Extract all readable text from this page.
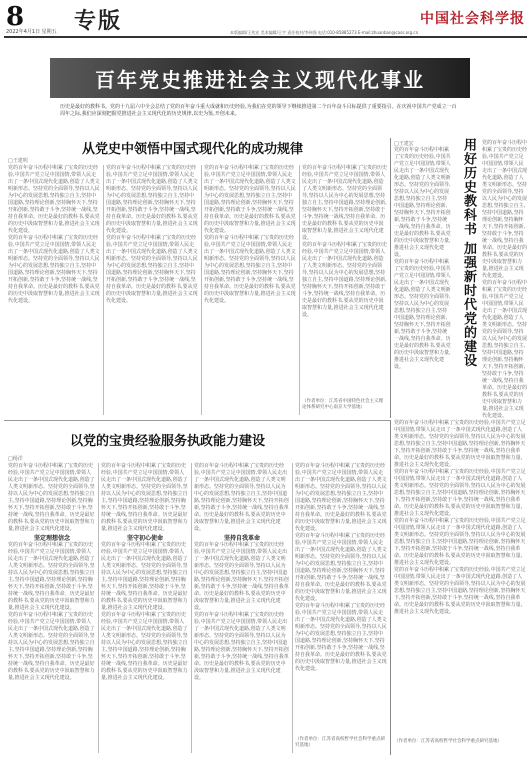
8 专版
2022年4月1日 星期五
中国社会科学报
本版编辑/王兆宏 美术编辑/王宇 责任校对/李伟强 电话:010-85885273 E-mail:zhuanban@cass.org.cn
百年党史推进社会主义现代化事业
历史是最好的教科书。党的十九届六中全会总结了党的百年奋斗重大成就和历史经验,为我们在党的领导下继续推进第二个百年奋斗目标提供了重要指引。在庆祝中国共产党成立一百周年之际,我们应深刻把握党推进社会主义现代化的历史规律,以史为鉴,开创未来。
从党史中领悟中国式现代化的成功规律
□王建明
党的百年奋斗历程中积累了宝贵的历史经验,中国共产党立足中国国情,带领人民走出了一条中国式现代化道路,创造了人类文明新形态。坚持党的全面领导,坚持以人民为中心的发展思想,坚持独立自主,坚持中国道路,坚持理论创新,坚持胸怀天下,坚持开拓创新,坚持敢于斗争,坚持统一战线,坚持自我革命。历史是最好的教科书,要从党的历史中汲取智慧和力量,推进社会主义现代化建设。
党的百年奋斗历程中积累了宝贵的历史经验,中国共产党立足中国国情,带领人民走出了一条中国式现代化道路,创造了人类文明新形态。坚持党的全面领导,坚持以人民为中心的发展思想,坚持独立自主,坚持中国道路,坚持理论创新,坚持胸怀天下,坚持开拓创新,坚持敢于斗争,坚持统一战线,坚持自我革命。历史是最好的教科书,要从党的历史中汲取智慧和力量,推进社会主义现代化建设。
党的百年奋斗历程中积累了宝贵的历史经验,中国共产党立足中国国情,带领人民走出了一条中国式现代化道路,创造了人类文明新形态。坚持党的全面领导,坚持以人民为中心的发展思想,坚持独立自主,坚持中国道路,坚持理论创新,坚持胸怀天下,坚持开拓创新,坚持敢于斗争,坚持统一战线,坚持自我革命。历史是最好的教科书,要从党的历史中汲取智慧和力量,推进社会主义现代化建设。
党的百年奋斗历程中积累了宝贵的历史经验,中国共产党立足中国国情,带领人民走出了一条中国式现代化道路,创造了人类文明新形态。坚持党的全面领导,坚持以人民为中心的发展思想,坚持独立自主,坚持中国道路,坚持理论创新,坚持胸怀天下,坚持开拓创新,坚持敢于斗争,坚持统一战线,坚持自我革命。历史是最好的教科书,要从党的历史中汲取智慧和力量,推进社会主义现代化建设。
党的百年奋斗历程中积累了宝贵的历史经验,中国共产党立足中国国情,带领人民走出了一条中国式现代化道路,创造了人类文明新形态。坚持党的全面领导,坚持以人民为中心的发展思想,坚持独立自主,坚持中国道路,坚持理论创新,坚持胸怀天下,坚持开拓创新,坚持敢于斗争,坚持统一战线,坚持自我革命。历史是最好的教科书,要从党的历史中汲取智慧和力量,推进社会主义现代化建设。
党的百年奋斗历程中积累了宝贵的历史经验,中国共产党立足中国国情,带领人民走出了一条中国式现代化道路,创造了人类文明新形态。坚持党的全面领导,坚持以人民为中心的发展思想,坚持独立自主,坚持中国道路,坚持理论创新,坚持胸怀天下,坚持开拓创新,坚持敢于斗争,坚持统一战线,坚持自我革命。历史是最好的教科书,要从党的历史中汲取智慧和力量,推进社会主义现代化建设。
党的百年奋斗历程中积累了宝贵的历史经验,中国共产党立足中国国情,带领人民走出了一条中国式现代化道路,创造了人类文明新形态。坚持党的全面领导,坚持以人民为中心的发展思想,坚持独立自主,坚持中国道路,坚持理论创新,坚持胸怀天下,坚持开拓创新,坚持敢于斗争,坚持统一战线,坚持自我革命。历史是最好的教科书,要从党的历史中汲取智慧和力量,推进社会主义现代化建设。
党的百年奋斗历程中积累了宝贵的历史经验,中国共产党立足中国国情,带领人民走出了一条中国式现代化道路,创造了人类文明新形态。坚持党的全面领导,坚持以人民为中心的发展思想,坚持独立自主,坚持中国道路,坚持理论创新,坚持胸怀天下,坚持开拓创新,坚持敢于斗争,坚持统一战线,坚持自我革命。历史是最好的教科书,要从党的历史中汲取智慧和力量,推进社会主义现代化建设。
（作者单位：江苏省中国特色社会主义理论体系研究中心南京大学基地）
□王建宏
党的百年奋斗历程中积累了宝贵的历史经验,中国共产党立足中国国情,带领人民走出了一条中国式现代化道路,创造了人类文明新形态。坚持党的全面领导,坚持以人民为中心的发展思想,坚持独立自主,坚持中国道路,坚持理论创新,坚持胸怀天下,坚持开拓创新,坚持敢于斗争,坚持统一战线,坚持自我革命。历史是最好的教科书,要从党的历史中汲取智慧和力量,推进社会主义现代化建设。
党的百年奋斗历程中积累了宝贵的历史经验,中国共产党立足中国国情,带领人民走出了一条中国式现代化道路,创造了人类文明新形态。坚持党的全面领导,坚持以人民为中心的发展思想,坚持独立自主,坚持中国道路,坚持理论创新,坚持胸怀天下,坚持开拓创新,坚持敢于斗争,坚持统一战线,坚持自我革命。历史是最好的教科书,要从党的历史中汲取智慧和力量,推进社会主义现代化建设。	用好历史教科书 加强新时代党的建设	党的百年奋斗历程中积累了宝贵的历史经验,中国共产党立足中国国情,带领人民走出了一条中国式现代化道路,创造了人类文明新形态。坚持党的全面领导,坚持以人民为中心的发展思想,坚持独立自主,坚持中国道路,坚持理论创新,坚持胸怀天下,坚持开拓创新,坚持敢于斗争,坚持统一战线,坚持自我革命。历史是最好的教科书,要从党的历史中汲取智慧和力量,推进社会主义现代化建设。
党的百年奋斗历程中积累了宝贵的历史经验,中国共产党立足中国国情,带领人民走出了一条中国式现代化道路,创造了人类文明新形态。坚持党的全面领导,坚持以人民为中心的发展思想,坚持独立自主,坚持中国道路,坚持理论创新,坚持胸怀天下,坚持开拓创新,坚持敢于斗争,坚持统一战线,坚持自我革命。历史是最好的教科书,要从党的历史中汲取智慧和力量,推进社会主义现代化建设。
党的百年奋斗历程中积累了宝贵的历史经验,中国共产党立足中国国情,带领人民走出了一条中国式现代化道路,创造了人类文明新形态。坚持党的全面领导,坚持以人民为中心的发展思想,坚持独立自主,坚持中国道路,坚持理论创新,坚持胸怀天下,坚持开拓创新,坚持敢于斗争,坚持统一战线,坚持自我革命。历史是最好的教科书,要从党的历史中汲取智慧和力量,推进社会主义现代化建设。
党的百年奋斗历程中积累了宝贵的历史经验,中国共产党立足中国国情,带领人民走出了一条中国式现代化道路,创造了人类文明新形态。坚持党的全面领导,坚持以人民为中心的发展思想,坚持独立自主,坚持中国道路,坚持理论创新,坚持胸怀天下,坚持开拓创新,坚持敢于斗争,坚持统一战线,坚持自我革命。历史是最好的教科书,要从党的历史中汲取智慧和力量,推进社会主义现代化建设。
党的百年奋斗历程中积累了宝贵的历史经验,中国共产党立足中国国情,带领人民走出了一条中国式现代化道路,创造了人类文明新形态。坚持党的全面领导,坚持以人民为中心的发展思想,坚持独立自主,坚持中国道路,坚持理论创新,坚持胸怀天下,坚持开拓创新,坚持敢于斗争,坚持统一战线,坚持自我革命。历史是最好的教科书,要从党的历史中汲取智慧和力量,推进社会主义现代化建设。
党的百年奋斗历程中积累了宝贵的历史经验,中国共产党立足中国国情,带领人民走出了一条中国式现代化道路,创造了人类文明新形态。坚持党的全面领导,坚持以人民为中心的发展思想,坚持独立自主,坚持中国道路,坚持理论创新,坚持胸怀天下,坚持开拓创新,坚持敢于斗争,坚持统一战线,坚持自我革命。历史是最好的教科书,要从党的历史中汲取智慧和力量,推进社会主义现代化建设。
（作者单位：江苏省高校哲学社会科学重点研究基地）
以党的宝贵经验服务执政能力建设
□杨洋
党的百年奋斗历程中积累了宝贵的历史经验,中国共产党立足中国国情,带领人民走出了一条中国式现代化道路,创造了人类文明新形态。坚持党的全面领导,坚持以人民为中心的发展思想,坚持独立自主,坚持中国道路,坚持理论创新,坚持胸怀天下,坚持开拓创新,坚持敢于斗争,坚持统一战线,坚持自我革命。历史是最好的教科书,要从党的历史中汲取智慧和力量,推进社会主义现代化建设。
坚定理想信念
党的百年奋斗历程中积累了宝贵的历史经验,中国共产党立足中国国情,带领人民走出了一条中国式现代化道路,创造了人类文明新形态。坚持党的全面领导,坚持以人民为中心的发展思想,坚持独立自主,坚持中国道路,坚持理论创新,坚持胸怀天下,坚持开拓创新,坚持敢于斗争,坚持统一战线,坚持自我革命。历史是最好的教科书,要从党的历史中汲取智慧和力量,推进社会主义现代化建设。
党的百年奋斗历程中积累了宝贵的历史经验,中国共产党立足中国国情,带领人民走出了一条中国式现代化道路,创造了人类文明新形态。坚持党的全面领导,坚持以人民为中心的发展思想,坚持独立自主,坚持中国道路,坚持理论创新,坚持胸怀天下,坚持开拓创新,坚持敢于斗争,坚持统一战线,坚持自我革命。历史是最好的教科书,要从党的历史中汲取智慧和力量,推进社会主义现代化建设。
党的百年奋斗历程中积累了宝贵的历史经验,中国共产党立足中国国情,带领人民走出了一条中国式现代化道路,创造了人类文明新形态。坚持党的全面领导,坚持以人民为中心的发展思想,坚持独立自主,坚持中国道路,坚持理论创新,坚持胸怀天下,坚持开拓创新,坚持敢于斗争,坚持统一战线,坚持自我革命。历史是最好的教科书,要从党的历史中汲取智慧和力量,推进社会主义现代化建设。
坚守初心使命
党的百年奋斗历程中积累了宝贵的历史经验,中国共产党立足中国国情,带领人民走出了一条中国式现代化道路,创造了人类文明新形态。坚持党的全面领导,坚持以人民为中心的发展思想,坚持独立自主,坚持中国道路,坚持理论创新,坚持胸怀天下,坚持开拓创新,坚持敢于斗争,坚持统一战线,坚持自我革命。历史是最好的教科书,要从党的历史中汲取智慧和力量,推进社会主义现代化建设。
党的百年奋斗历程中积累了宝贵的历史经验,中国共产党立足中国国情,带领人民走出了一条中国式现代化道路,创造了人类文明新形态。坚持党的全面领导,坚持以人民为中心的发展思想,坚持独立自主,坚持中国道路,坚持理论创新,坚持胸怀天下,坚持开拓创新,坚持敢于斗争,坚持统一战线,坚持自我革命。历史是最好的教科书,要从党的历史中汲取智慧和力量,推进社会主义现代化建设。
党的百年奋斗历程中积累了宝贵的历史经验,中国共产党立足中国国情,带领人民走出了一条中国式现代化道路,创造了人类文明新形态。坚持党的全面领导,坚持以人民为中心的发展思想,坚持独立自主,坚持中国道路,坚持理论创新,坚持胸怀天下,坚持开拓创新,坚持敢于斗争,坚持统一战线,坚持自我革命。历史是最好的教科书,要从党的历史中汲取智慧和力量,推进社会主义现代化建设。
坚持自我革命
党的百年奋斗历程中积累了宝贵的历史经验,中国共产党立足中国国情,带领人民走出了一条中国式现代化道路,创造了人类文明新形态。坚持党的全面领导,坚持以人民为中心的发展思想,坚持独立自主,坚持中国道路,坚持理论创新,坚持胸怀天下,坚持开拓创新,坚持敢于斗争,坚持统一战线,坚持自我革命。历史是最好的教科书,要从党的历史中汲取智慧和力量,推进社会主义现代化建设。
党的百年奋斗历程中积累了宝贵的历史经验,中国共产党立足中国国情,带领人民走出了一条中国式现代化道路,创造了人类文明新形态。坚持党的全面领导,坚持以人民为中心的发展思想,坚持独立自主,坚持中国道路,坚持理论创新,坚持胸怀天下,坚持开拓创新,坚持敢于斗争,坚持统一战线,坚持自我革命。历史是最好的教科书,要从党的历史中汲取智慧和力量,推进社会主义现代化建设。
党的百年奋斗历程中积累了宝贵的历史经验,中国共产党立足中国国情,带领人民走出了一条中国式现代化道路,创造了人类文明新形态。坚持党的全面领导,坚持以人民为中心的发展思想,坚持独立自主,坚持中国道路,坚持理论创新,坚持胸怀天下,坚持开拓创新,坚持敢于斗争,坚持统一战线,坚持自我革命。历史是最好的教科书,要从党的历史中汲取智慧和力量,推进社会主义现代化建设。
党的百年奋斗历程中积累了宝贵的历史经验,中国共产党立足中国国情,带领人民走出了一条中国式现代化道路,创造了人类文明新形态。坚持党的全面领导,坚持以人民为中心的发展思想,坚持独立自主,坚持中国道路,坚持理论创新,坚持胸怀天下,坚持开拓创新,坚持敢于斗争,坚持统一战线,坚持自我革命。历史是最好的教科书,要从党的历史中汲取智慧和力量,推进社会主义现代化建设。
党的百年奋斗历程中积累了宝贵的历史经验,中国共产党立足中国国情,带领人民走出了一条中国式现代化道路,创造了人类文明新形态。坚持党的全面领导,坚持以人民为中心的发展思想,坚持独立自主,坚持中国道路,坚持理论创新,坚持胸怀天下,坚持开拓创新,坚持敢于斗争,坚持统一战线,坚持自我革命。历史是最好的教科书,要从党的历史中汲取智慧和力量,推进社会主义现代化建设。
（作者单位：江苏省高校哲学社会科学重点研究基地）
